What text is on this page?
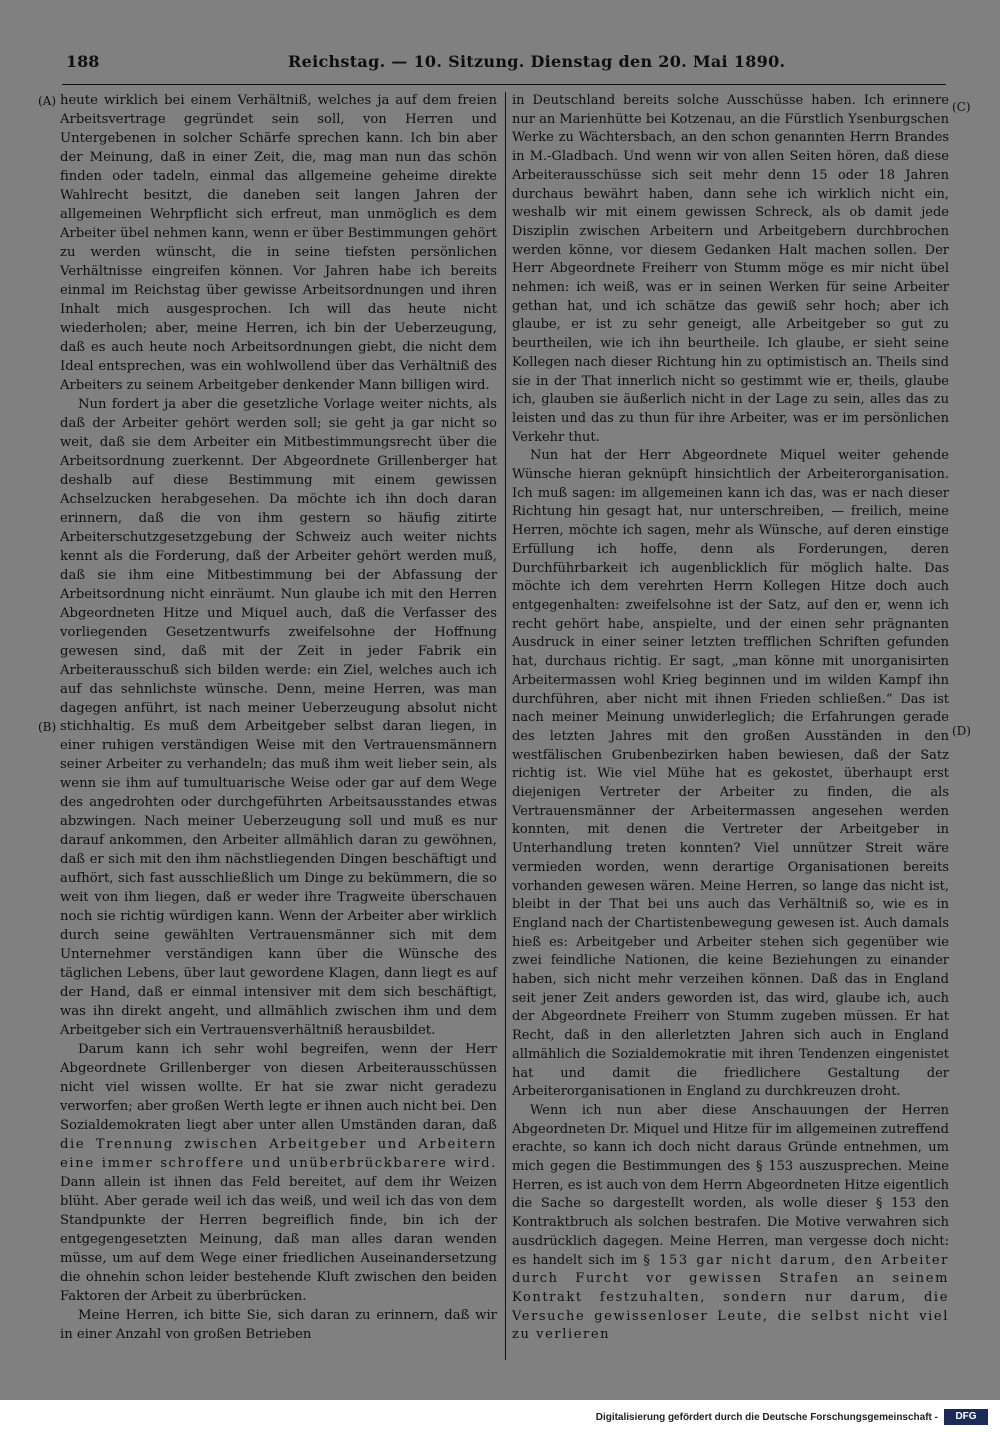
188	Reichstag. — 10. Sitzung. Dienstag den 20. Mai 1890.
(A)
(B)
(C)
(D)

heute wirklich bei einem Verhältniß, welches ja auf dem freien Arbeitsvertrage gegründet sein soll, von Herren und Untergebenen in solcher Schärfe sprechen kann. Ich bin aber der Meinung, daß in einer Zeit, die, mag man nun das schön finden oder tadeln, einmal das allgemeine geheime direkte Wahlrecht besitzt, die daneben seit langen Jahren der allgemeinen Wehrpflicht sich erfreut, man unmöglich es dem Arbeiter übel nehmen kann, wenn er über Bestimmungen gehört zu werden wünscht, die in seine tiefsten persönlichen Verhältnisse eingreifen können. Vor Jahren habe ich bereits einmal im Reichstag über gewisse Arbeitsordnungen und ihren Inhalt mich ausgesprochen. Ich will das heute nicht wiederholen; aber, meine Herren, ich bin der Ueberzeugung, daß es auch heute noch Arbeitsordnungen giebt, die nicht dem Ideal entsprechen, was ein wohlwollend über das Verhältniß des Arbeiters zu seinem Arbeitgeber denkender Mann billigen wird.

Nun fordert ja aber die gesetzliche Vorlage weiter nichts, als daß der Arbeiter gehört werden soll; sie geht ja gar nicht so weit, daß sie dem Arbeiter ein Mitbestimmungsrecht über die Arbeitsordnung zuerkennt. Der Abgeordnete Grillenberger hat deshalb auf diese Bestimmung mit einem gewissen Achselzucken herabgesehen. Da möchte ich ihn doch daran erinnern, daß die von ihm gestern so häufig zitirte Arbeiterschutzgesetzgebung der Schweiz auch weiter nichts kennt als die Forderung, daß der Arbeiter gehört werden muß, daß sie ihm eine Mitbestimmung bei der Abfassung der Arbeitsordnung nicht einräumt. Nun glaube ich mit den Herren Abgeordneten Hitze und Miquel auch, daß die Verfasser des vorliegenden Gesetzentwurfs zweifelsohne der Hoffnung gewesen sind, daß mit der Zeit in jeder Fabrik ein Arbeiterausschuß sich bilden werde: ein Ziel, welches auch ich auf das sehnlichste wünsche. Denn, meine Herren, was man dagegen anführt, ist nach meiner Ueberzeugung absolut nicht stichhaltig. Es muß dem Arbeitgeber selbst daran liegen, in einer ruhigen verständigen Weise mit den Vertrauensmännern seiner Arbeiter zu verhandeln; das muß ihm weit lieber sein, als wenn sie ihm auf tumultuarische Weise oder gar auf dem Wege des angedrohten oder durchgeführten Arbeitsausstandes etwas abzwingen. Nach meiner Ueberzeugung soll und muß es nur darauf ankommen, den Arbeiter allmählich daran zu gewöhnen, daß er sich mit den ihm nächstliegenden Dingen beschäftigt und aufhört, sich fast ausschließlich um Dinge zu bekümmern, die so weit von ihm liegen, daß er weder ihre Tragweite überschauen noch sie richtig würdigen kann. Wenn der Arbeiter aber wirklich durch seine gewählten Vertrauensmänner sich mit dem Unternehmer verständigen kann über die Wünsche des täglichen Lebens, über laut gewordene Klagen, dann liegt es auf der Hand, daß er einmal intensiver mit dem sich beschäftigt, was ihn direkt angeht, und allmählich zwischen ihm und dem Arbeitgeber sich ein Vertrauensverhältniß herausbildet.

Darum kann ich sehr wohl begreifen, wenn der Herr Abgeordnete Grillenberger von diesen Arbeiterausschüssen nicht viel wissen wollte. Er hat sie zwar nicht geradezu verworfen; aber großen Werth legte er ihnen auch nicht bei. Den Sozialdemokraten liegt aber unter allen Umständen daran, daß die Trennung zwischen Arbeitgeber und Arbeitern eine immer schroffere und unüberbrückbarere wird. Dann allein ist ihnen das Feld bereitet, auf dem ihr Weizen blüht. Aber gerade weil ich das weiß, und weil ich das von dem Standpunkte der Herren begreiflich finde, bin ich der entgegengesetzten Meinung, daß man alles daran wenden müsse, um auf dem Wege einer friedlichen Auseinandersetzung die ohnehin schon leider bestehende Kluft zwischen den beiden Faktoren der Arbeit zu überbrücken.

Meine Herren, ich bitte Sie, sich daran zu erinnern, daß wir in einer Anzahl von großen Betrieben

in Deutschland bereits solche Ausschüsse haben. Ich erinnere nur an Marienhütte bei Kotzenau, an die Fürstlich Ysenburgschen Werke zu Wächtersbach, an den schon genannten Herrn Brandes in M.-Gladbach. Und wenn wir von allen Seiten hören, daß diese Arbeiterausschüsse sich seit mehr denn 15 oder 18 Jahren durchaus bewährt haben, dann sehe ich wirklich nicht ein, weshalb wir mit einem gewissen Schreck, als ob damit jede Disziplin zwischen Arbeitern und Arbeitgebern durchbrochen werden könne, vor diesem Gedanken Halt machen sollen. Der Herr Abgeordnete Freiherr von Stumm möge es mir nicht übel nehmen: ich weiß, was er in seinen Werken für seine Arbeiter gethan hat, und ich schätze das gewiß sehr hoch; aber ich glaube, er ist zu sehr geneigt, alle Arbeitgeber so gut zu beurtheilen, wie ich ihn beurtheile. Ich glaube, er sieht seine Kollegen nach dieser Richtung hin zu optimistisch an. Theils sind sie in der That innerlich nicht so gestimmt wie er, theils, glaube ich, glauben sie äußerlich nicht in der Lage zu sein, alles das zu leisten und das zu thun für ihre Arbeiter, was er im persönlichen Verkehr thut.

Nun hat der Herr Abgeordnete Miquel weiter gehende Wünsche hieran geknüpft hinsichtlich der Arbeiterorganisation. Ich muß sagen: im allgemeinen kann ich das, was er nach dieser Richtung hin gesagt hat, nur unterschreiben, — freilich, meine Herren, möchte ich sagen, mehr als Wünsche, auf deren einstige Erfüllung ich hoffe, denn als Forderungen, deren Durchführbarkeit ich augenblicklich für möglich halte. Das möchte ich dem verehrten Herrn Kollegen Hitze doch auch entgegenhalten: zweifelsohne ist der Satz, auf den er, wenn ich recht gehört habe, anspielte, und der einen sehr prägnanten Ausdruck in einer seiner letzten trefflichen Schriften gefunden hat, durchaus richtig. Er sagt, „man könne mit unorganisirten Arbeitermassen wohl Krieg beginnen und im wilden Kampf ihn durchführen, aber nicht mit ihnen Frieden schließen.“ Das ist nach meiner Meinung unwiderleglich; die Erfahrungen gerade des letzten Jahres mit den großen Ausständen in den westfälischen Grubenbezirken haben bewiesen, daß der Satz richtig ist. Wie viel Mühe hat es gekostet, überhaupt erst diejenigen Vertreter der Arbeiter zu finden, die als Vertrauensmänner der Arbeitermassen angesehen werden konnten, mit denen die Vertreter der Arbeitgeber in Unterhandlung treten konnten? Viel unnützer Streit wäre vermieden worden, wenn derartige Organisationen bereits vorhanden gewesen wären. Meine Herren, so lange das nicht ist, bleibt in der That bei uns auch das Verhältniß so, wie es in England nach der Chartistenbewegung gewesen ist. Auch damals hieß es: Arbeitgeber und Arbeiter stehen sich gegenüber wie zwei feindliche Nationen, die keine Beziehungen zu einander haben, sich nicht mehr verzeihen können. Daß das in England seit jener Zeit anders geworden ist, das wird, glaube ich, auch der Abgeordnete Freiherr von Stumm zugeben müssen. Er hat Recht, daß in den allerletzten Jahren sich auch in England allmählich die Sozialdemokratie mit ihren Tendenzen eingenistet hat und damit die friedlichere Gestaltung der Arbeiterorganisationen in England zu durchkreuzen droht.

Wenn ich nun aber diese Anschauungen der Herren Abgeordneten Dr. Miquel und Hitze für im allgemeinen zutreffend erachte, so kann ich doch nicht daraus Gründe entnehmen, um mich gegen die Bestimmungen des § 153 auszusprechen. Meine Herren, es ist auch von dem Herrn Abgeordneten Hitze eigentlich die Sache so dargestellt worden, als wolle dieser § 153 den Kontraktbruch als solchen bestrafen. Die Motive verwahren sich ausdrücklich dagegen. Meine Herren, man vergesse doch nicht: es handelt sich im § 153 gar nicht darum, den Arbeiter durch Furcht vor gewissen Strafen an seinem Kontrakt festzuhalten, sondern nur darum, die Versuche gewissenloser Leute, die selbst nicht viel zu verlieren

Digitalisierung gefördert durch die Deutsche Forschungsgemeinschaft -	DFG
